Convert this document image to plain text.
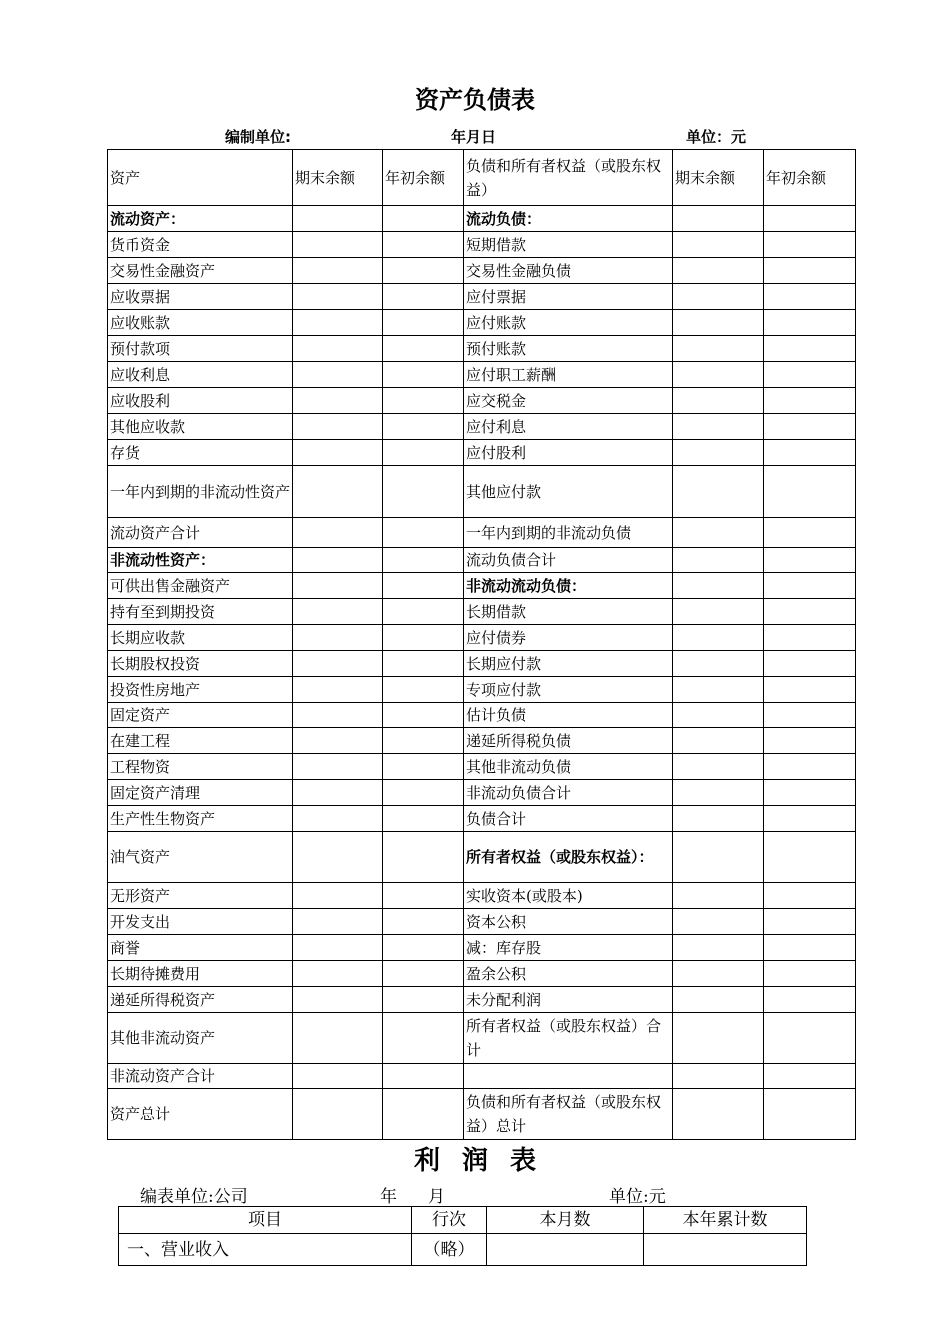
资产负债表
编制单位:	年月日	单位：元
资产	期末余额	年初余额	负债和所有者权益（或股东权益）	期末余额	年初余额
流动资产：			流动负债：		
货币资金			短期借款		
交易性金融资产			交易性金融负债		
应收票据			应付票据		
应收账款			应付账款		
预付款项			预付账款		
应收利息			应付职工薪酬		
应收股利			应交税金		
其他应收款			应付利息		
存货			应付股利		
一年内到期的非流动性资产			其他应付款		
流动资产合计			一年内到期的非流动负债		
非流动性资产：			流动负债合计		
可供出售金融资产			非流动流动负债：		
持有至到期投资			长期借款		
长期应收款			应付债券		
长期股权投资			长期应付款		
投资性房地产			专项应付款		
固定资产			估计负债		
在建工程			递延所得税负债		
工程物资			其他非流动负债		
固定资产清理			非流动负债合计		
生产性生物资产			负债合计		
油气资产			所有者权益（或股东权益）：		
无形资产			实收资本(或股本)		
开发支出			资本公积		
商誉			减：库存股		
长期待摊费用			盈余公积		
递延所得税资产			未分配利润		
其他非流动资产			所有者权益（或股东权益）合计		
非流动资产合计					
资产总计			负债和所有者权益（或股东权益）总计		
利润表
编表单位:公司	年 月	单位:元
项目	行次	本月数	本年累计数
一、营业收入	（略）		
